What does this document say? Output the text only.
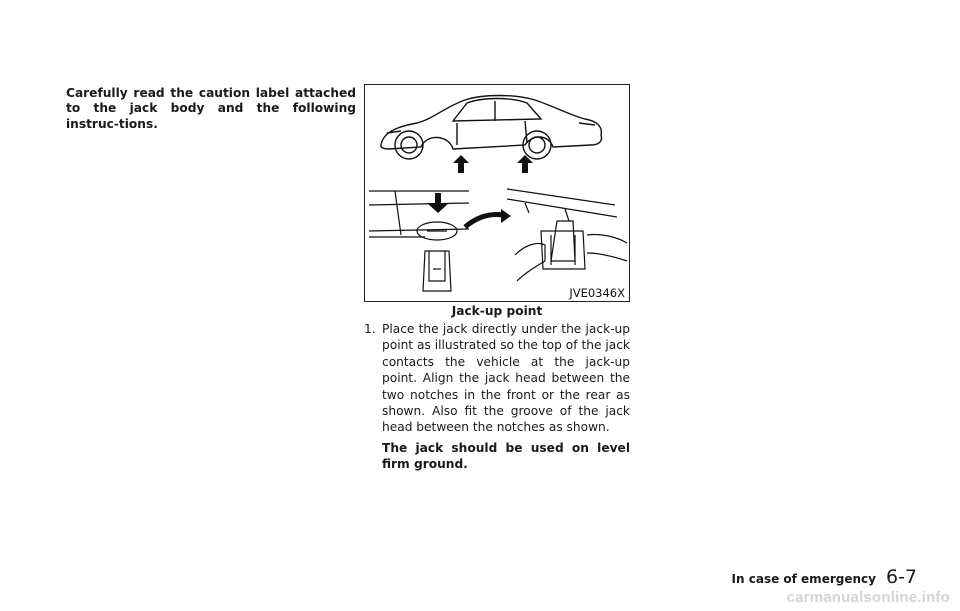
Carefully read the caution label attached to the jack body and the following instruc-tions.
JVE0346X
Jack-up point
1. Place the jack directly under the jack-up point as illustrated so the top of the jack contacts the vehicle at the jack-up point. Align the jack head between the two notches in the front or the rear as shown. Also fit the groove of the jack head between the notches as shown.

The jack should be used on level firm ground.

In case of emergency 6-7
carmanualsonline.info
